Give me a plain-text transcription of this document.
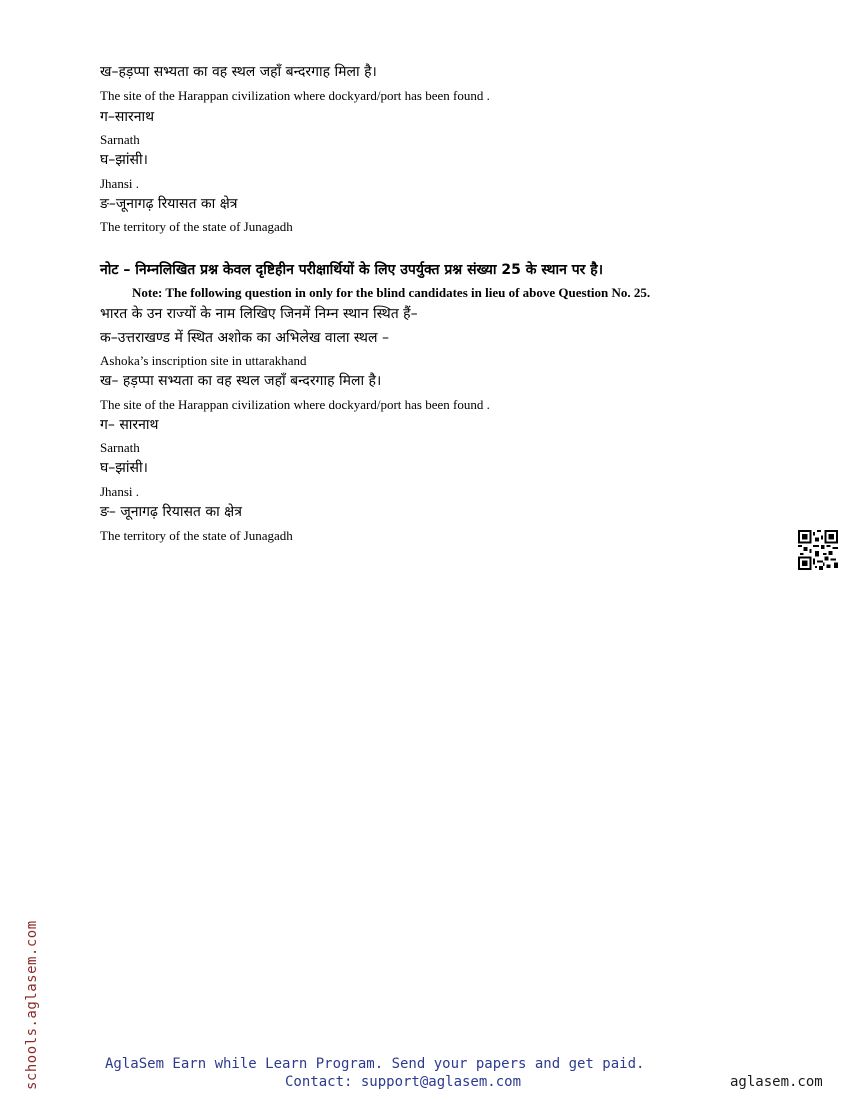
ख–हड़प्पा सभ्यता का वह स्थल जहाँ बन्दरगाह मिला है।
The site of the Harappan civilization where dockyard/port has been found .
ग–सारनाथ
Sarnath
घ–झांसी।
Jhansi .
ङ–जूनागढ़ रियासत का क्षेत्र
The territory of the state of Junagadh
नोट – निम्नलिखित प्रश्न केवल दृष्टिहीन परीक्षार्थियों के लिए उपर्युक्त प्रश्न संख्या 25 के स्थान पर है।
Note: The following question in only for the blind candidates in lieu of above Question No. 25.
भारत के उन राज्यों के नाम लिखिए जिनमें निम्न स्थान स्थित हैं–
क–उत्तराखण्ड में स्थित अशोक का अभिलेख वाला स्थल –
Ashoka’s inscription site in uttarakhand
ख– हड़प्पा सभ्यता का वह स्थल जहाँ बन्दरगाह मिला है।
The site of the Harappan civilization where dockyard/port has been found .
ग– सारनाथ
Sarnath
घ–झांसी।
Jhansi .
ङ– जूनागढ़ रियासत का क्षेत्र
The territory of the state of Junagadh
schools.aglasem.com	AglaSem Earn while Learn Program. Send your papers and get paid.
Contact: support@aglasem.com	aglasem.com
